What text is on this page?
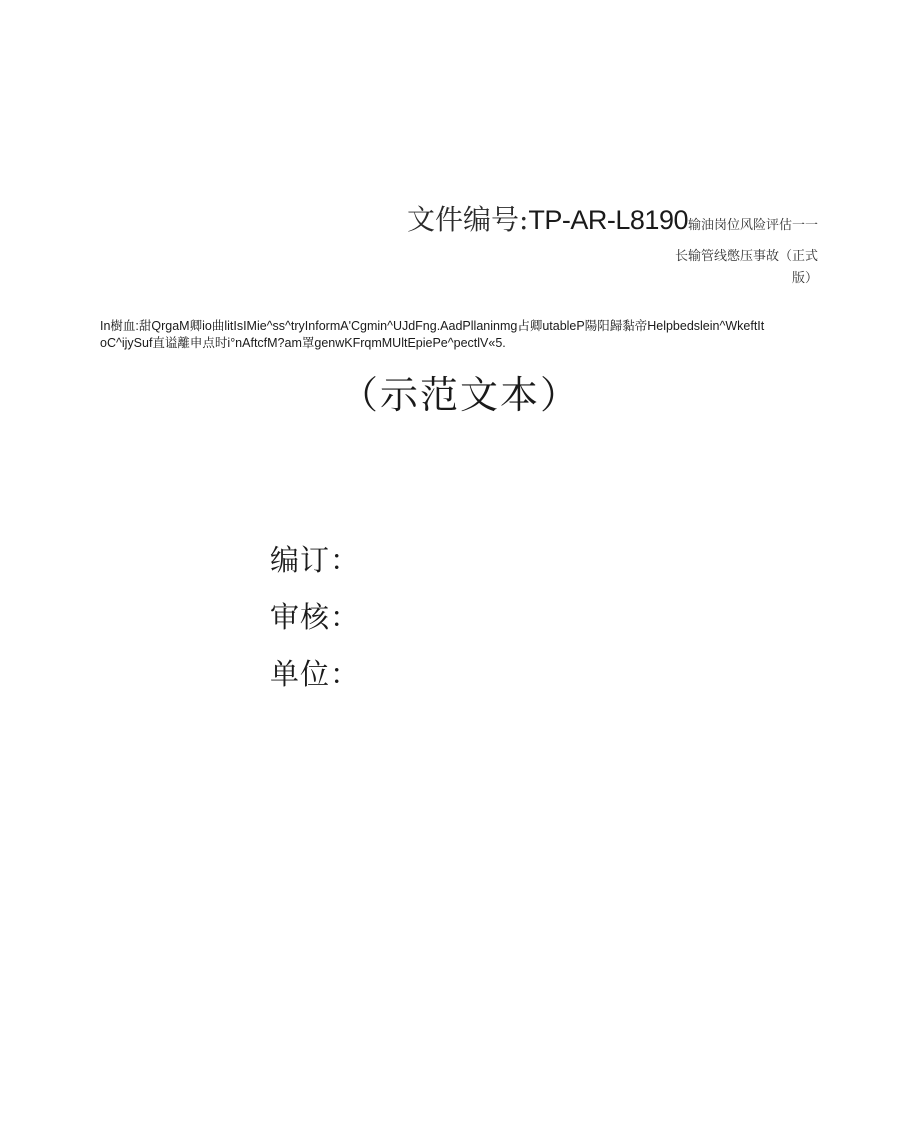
文件编号:TP-AR-L8190输油岗位风险评估一一
长输管线憋压事故（正式
版）
In樹血:甜QrgaM卿io曲litIsIMie^ss^tryInformA'Cgmin^UJdFng.AadPllaninmg占卿utableP陽阳歸黏帝Helpbedslein^WkeftIt
oC^ijySuf直谥離申点时i°nAftcfM?am罩genwKFrqmMUltEpiePe^pectlV«5.
（示范文本）
编订：
审核：
单位：
